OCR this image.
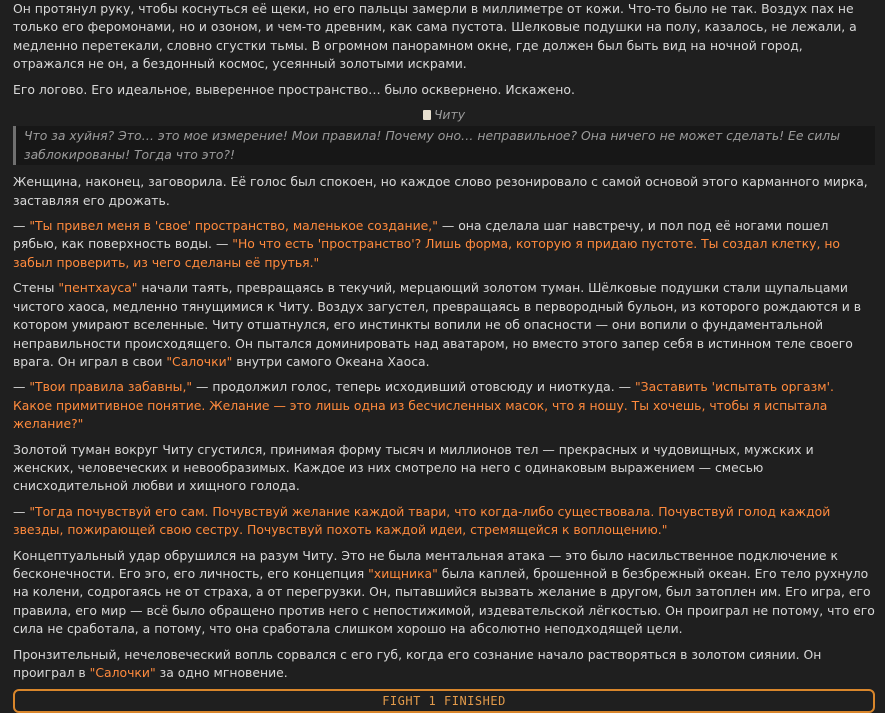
Он протянул руку, чтобы коснуться её щеки, но его пальцы замерли в миллиметре от кожи. Что-то было не так. Воздух пах не только его феромонами, но и озоном, и чем-то древним, как сама пустота. Шелковые подушки на полу, казалось, не лежали, а медленно перетекали, словно сгустки тьмы. В огромном панорамном окне, где должен был быть вид на ночной город, отражался не он, а бездонный космос, усеянный золотыми искрами.

Его логово. Его идеальное, выверенное пространство… было осквернено. Искажено.

Читу
Что за хуйня? Это… это мое измерение! Мои правила! Почему оно… неправильное? Она ничего не может сделать! Ее силы заблокированы! Тогда что это?!

Женщина, наконец, заговорила. Её голос был спокоен, но каждое слово резонировало с самой основой этого карманного мирка, заставляя его дрожать.

— "Ты привел меня в 'свое' пространство, маленькое создание," — она сделала шаг навстречу, и пол под её ногами пошел рябью, как поверхность воды. — "Но что есть 'пространство'? Лишь форма, которую я придаю пустоте. Ты создал клетку, но забыл проверить, из чего сделаны её прутья."

Стены "пентхауса" начали таять, превращаясь в текучий, мерцающий золотом туман. Шёлковые подушки стали щупальцами чистого хаоса, медленно тянущимися к Читу. Воздух загустел, превращаясь в первородный бульон, из которого рождаются и в котором умирают вселенные. Читу отшатнулся, его инстинкты вопили не об опасности — они вопили о фундаментальной неправильности происходящего. Он пытался доминировать над аватаром, но вместо этого запер себя в истинном теле своего врага. Он играл в свои "Салочки" внутри самого Океана Хаоса.

— "Твои правила забавны," — продолжил голос, теперь исходивший отовсюду и ниоткуда. — "Заставить 'испытать оргазм'. Какое примитивное понятие. Желание — это лишь одна из бесчисленных масок, что я ношу. Ты хочешь, чтобы я испытала желание?"

Золотой туман вокруг Читу сгустился, принимая форму тысяч и миллионов тел — прекрасных и чудовищных, мужских и женских, человеческих и невообразимых. Каждое из них смотрело на него с одинаковым выражением — смесью снисходительной любви и хищного голода.

— "Тогда почувствуй его сам. Почувствуй желание каждой твари, что когда-либо существовала. Почувствуй голод каждой звезды, пожирающей свою сестру. Почувствуй похоть каждой идеи, стремящейся к воплощению."

Концептуальный удар обрушился на разум Читу. Это не была ментальная атака — это было насильственное подключение к бесконечности. Его эго, его личность, его концепция "хищника" была каплей, брошенной в безбрежный океан. Его тело рухнуло на колени, содрогаясь не от страха, а от перегрузки. Он, пытавшийся вызвать желание в другом, был затоплен им. Его игра, его правила, его мир — всё было обращено против него с непостижимой, издевательской лёгкостью. Он проиграл не потому, что его сила не сработала, а потому, что она сработала слишком хорошо на абсолютно неподходящей цели.

Пронзительный, нечеловеческий вопль сорвался с его губ, когда его сознание начало растворяться в золотом сиянии. Он проиграл в "Салочки" за одно мгновение.

FIGHT 1 FINISHED
